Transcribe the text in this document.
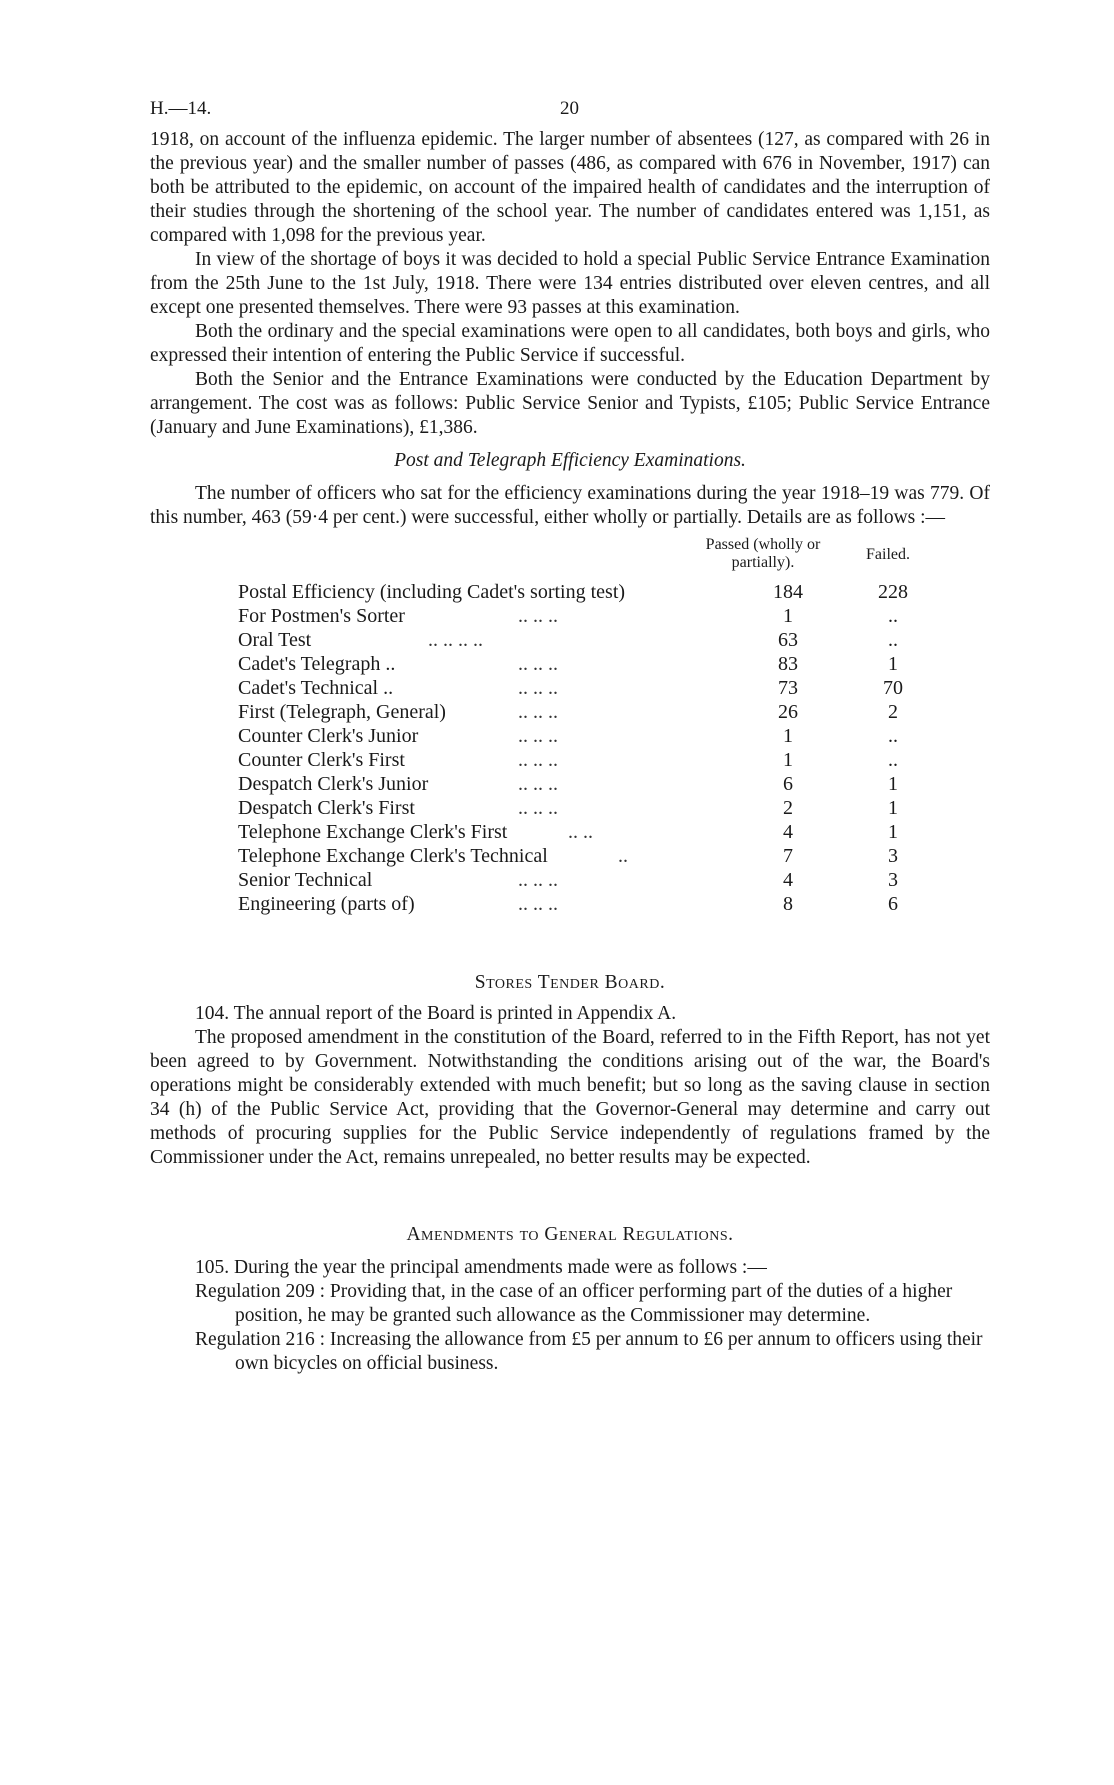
H.—14.	20

1918, on account of the influenza epidemic. The larger number of absentees (127, as compared with 26 in the previous year) and the smaller number of passes (486, as compared with 676 in November, 1917) can both be attributed to the epidemic, on account of the impaired health of candidates and the interruption of their studies through the shortening of the school year. The number of candidates entered was 1,151, as compared with 1,098 for the previous year.

In view of the shortage of boys it was decided to hold a special Public Service Entrance Examination from the 25th June to the 1st July, 1918. There were 134 entries distributed over eleven centres, and all except one presented themselves. There were 93 passes at this examination.

Both the ordinary and the special examinations were open to all candidates, both boys and girls, who expressed their intention of entering the Public Service if successful.

Both the Senior and the Entrance Examinations were conducted by the Education Department by arrangement. The cost was as follows: Public Service Senior and Typists, £105; Public Service Entrance (January and June Examinations), £1,386.

Post and Telegraph Efficiency Examinations.

The number of officers who sat for the efficiency examinations during the year 1918–19 was 779. Of this number, 463 (59·4 per cent.) were successful, either wholly or partially. Details are as follows :—

Passed (wholly or partially).	Failed.
Postal Efficiency (including Cadet's sorting test)	184	228
For Postmen's Sorter	.. .. ..	1	..
Oral Test	.. .. .. ..	63	..
Cadet's Telegraph ..	.. .. ..	83	1
Cadet's Technical ..	.. .. ..	73	70
First (Telegraph, General)	.. .. ..	26	2
Counter Clerk's Junior	.. .. ..	1	..
Counter Clerk's First	.. .. ..	1	..
Despatch Clerk's Junior	.. .. ..	6	1
Despatch Clerk's First	.. .. ..	2	1
Telephone Exchange Clerk's First	.. ..	4	1
Telephone Exchange Clerk's Technical	..	7	3
Senior Technical	.. .. ..	4	3
Engineering (parts of)	.. .. ..	8	6
Stores Tender Board.

104. The annual report of the Board is printed in Appendix A.

The proposed amendment in the constitution of the Board, referred to in the Fifth Report, has not yet been agreed to by Government. Notwithstanding the conditions arising out of the war, the Board's operations might be considerably extended with much benefit; but so long as the saving clause in section 34 (h) of the Public Service Act, providing that the Governor-General may determine and carry out methods of procuring supplies for the Public Service independently of regulations framed by the Commissioner under the Act, remains unrepealed, no better results may be expected.

Amendments to General Regulations.

105. During the year the principal amendments made were as follows :—

Regulation 209 : Providing that, in the case of an officer performing part of the duties of a higher position, he may be granted such allowance as the Commissioner may determine.

Regulation 216 : Increasing the allowance from £5 per annum to £6 per annum to officers using their own bicycles on official business.
